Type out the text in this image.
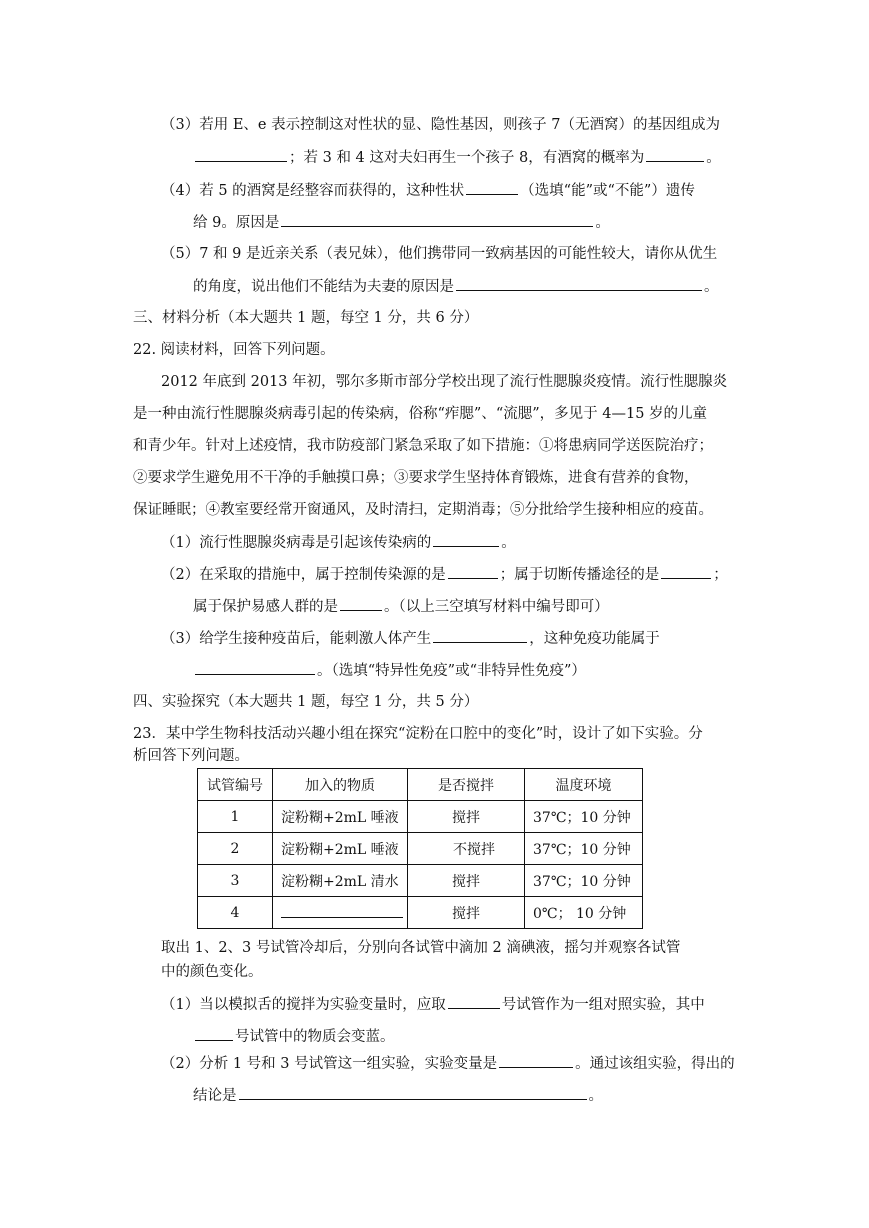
（3）若用 E、e 表示控制这对性状的显、隐性基因，则孩子 7（无酒窝）的基因组成为
；若 3 和 4 这对夫妇再生一个孩子 8，有酒窝的概率为	。
（4）若 5 的酒窝是经整容而获得的，这种性状	（选填“能”或“不能”）遗传
给 9。原因是	。
（5）7 和 9 是近亲关系（表兄妹），他们携带同一致病基因的可能性较大，请你从优生
的角度，说出他们不能结为夫妻的原因是	。
三、材料分析（本大题共 1 题，每空 1 分，共 6 分）
22. 阅读材料，回答下列问题。
2012 年底到 2013 年初，鄂尔多斯市部分学校出现了流行性腮腺炎疫情。流行性腮腺炎
是一种由流行性腮腺炎病毒引起的传染病，俗称“痄腮”、“流腮”，多见于 4—15 岁的儿童
和青少年。针对上述疫情，我市防疫部门紧急采取了如下措施：①将患病同学送医院治疗；
②要求学生避免用不干净的手触摸口鼻；③要求学生坚持体育锻炼，进食有营养的食物，
保证睡眠；④教室要经常开窗通风，及时清扫，定期消毒；⑤分批给学生接种相应的疫苗。
（1）流行性腮腺炎病毒是引起该传染病的	。
（2）在采取的措施中，属于控制传染源的是	；属于切断传播途径的是	；
属于保护易感人群的是	。（以上三空填写材料中编号即可）
（3）给学生接种疫苗后，能刺激人体产生	，这种免疫功能属于
。（选填“特异性免疫”或“非特异性免疫”）
四、实验探究（本大题共 1 题，每空 1 分，共 5 分）
23．某中学生物科技活动兴趣小组在探究“淀粉在口腔中的变化”时，设计了如下实验。分
析回答下列问题。
试管编号	加入的物质	是否搅拌	温度环境
1	淀粉糊+2mL 唾液	搅拌	37℃；10 分钟
2	淀粉糊+2mL 唾液	不搅拌	37℃；10 分钟
3	淀粉糊+2mL 清水	搅拌	37℃；10 分钟
4		搅拌	0℃； 10 分钟
取出 1、2、3 号试管冷却后，分别向各试管中滴加 2 滴碘液，摇匀并观察各试管
中的颜色变化。
（1）当以模拟舌的搅拌为实验变量时，应取	号试管作为一组对照实验，其中
号试管中的物质会变蓝。
（2）分析 1 号和 3 号试管这一组实验，实验变量是	。通过该组实验，得出的
结论是	。
